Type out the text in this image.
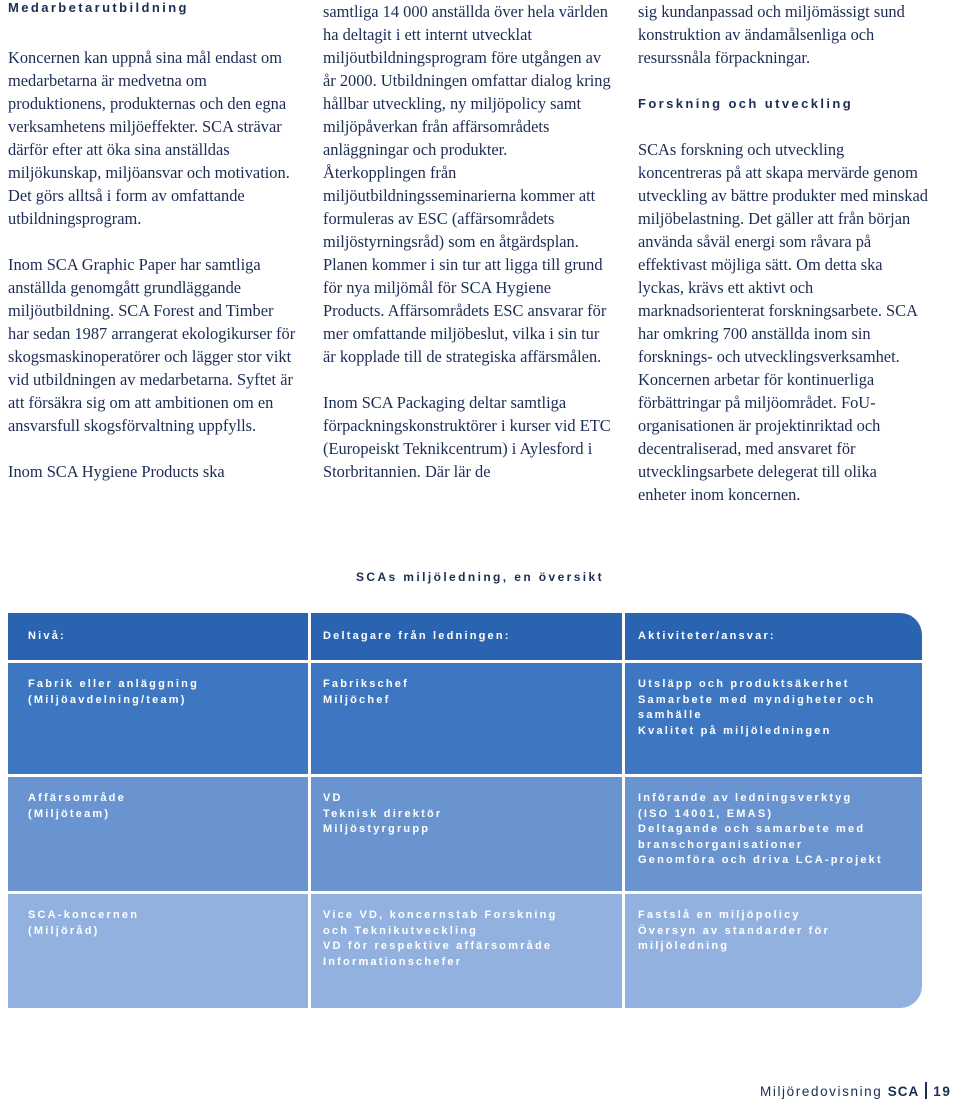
Medarbetarutbildning

Koncernen kan uppnå sina mål endast om medarbetarna är medvetna om produktionens, produkternas och den egna verksamhetens miljöeffekter. SCA strävar därför efter att öka sina anställdas miljökunskap, miljöansvar och motivation. Det görs alltså i form av omfattande utbildningsprogram.

Inom SCA Graphic Paper har samtliga anställda genomgått grundläggande miljöutbildning. SCA Forest and Timber har sedan 1987 arrangerat ekologikurser för skogsmaskinoperatörer och lägger stor vikt vid utbildningen av medarbetarna. Syftet är att försäkra sig om att ambitionen om en ansvarsfull skogsförvaltning uppfylls.

Inom SCA Hygiene Products ska

samtliga 14 000 anställda över hela världen ha deltagit i ett internt utvecklat miljöutbildningsprogram före utgången av år 2000. Utbildningen omfattar dialog kring hållbar utveckling, ny miljöpolicy samt miljöpåverkan från affärsområdets anläggningar och produkter. Återkopplingen från miljöutbildningsseminarierna kommer att formuleras av ESC (affärsområdets miljöstyrningsråd) som en åtgärdsplan. Planen kommer i sin tur att ligga till grund för nya miljömål för SCA Hygiene Products. Affärsområdets ESC ansvarar för mer omfattande miljöbeslut, vilka i sin tur är kopplade till de strategiska affärsmålen.

Inom SCA Packaging deltar samtliga förpackningskonstruktörer i kurser vid ETC (Europeiskt Teknikcentrum) i Aylesford i Storbritannien. Där lär de

sig kundanpassad och miljömässigt sund konstruktion av ändamålsenliga och resurssnåla förpackningar.

Forskning och utveckling

SCAs forskning och utveckling koncentreras på att skapa mervärde genom utveckling av bättre produkter med minskad miljöbelastning. Det gäller att från början använda såväl energi som råvara på effektivast möjliga sätt. Om detta ska lyckas, krävs ett aktivt och marknadsorienterat forskningsarbete. SCA har omkring 700 anställda inom sin forsknings- och utvecklingsverksamhet. Koncernen arbetar för kontinuerliga förbättringar på miljöområdet. FoU-organisationen är projektinriktad och decentraliserad, med ansvaret för utvecklingsarbete delegerat till olika enheter inom koncernen.

SCAs miljöledning, en översikt
Nivå:	Deltagare från ledningen:	Aktiviteter/ansvar:
Fabrik eller anläggning
(Miljöavdelning/team)
Fabrikschef
Miljöchef
Utsläpp och produktsäkerhet
Samarbete med myndigheter och
samhälle
Kvalitet på miljöledningen
Affärsområde
(Miljöteam)
VD
Teknisk direktör
Miljöstyrgrupp
Införande av ledningsverktyg
(ISO 14001, EMAS)
Deltagande och samarbete med
branschorganisationer
Genomföra och driva LCA-projekt
SCA-koncernen
(Miljöråd)
Vice VD, koncernstab Forskning
och Teknikutveckling
VD för respektive affärsområde
Informationschefer
Fastslå en miljöpolicy
Översyn av standarder för
miljöledning
Miljöredovisning SCA 19
